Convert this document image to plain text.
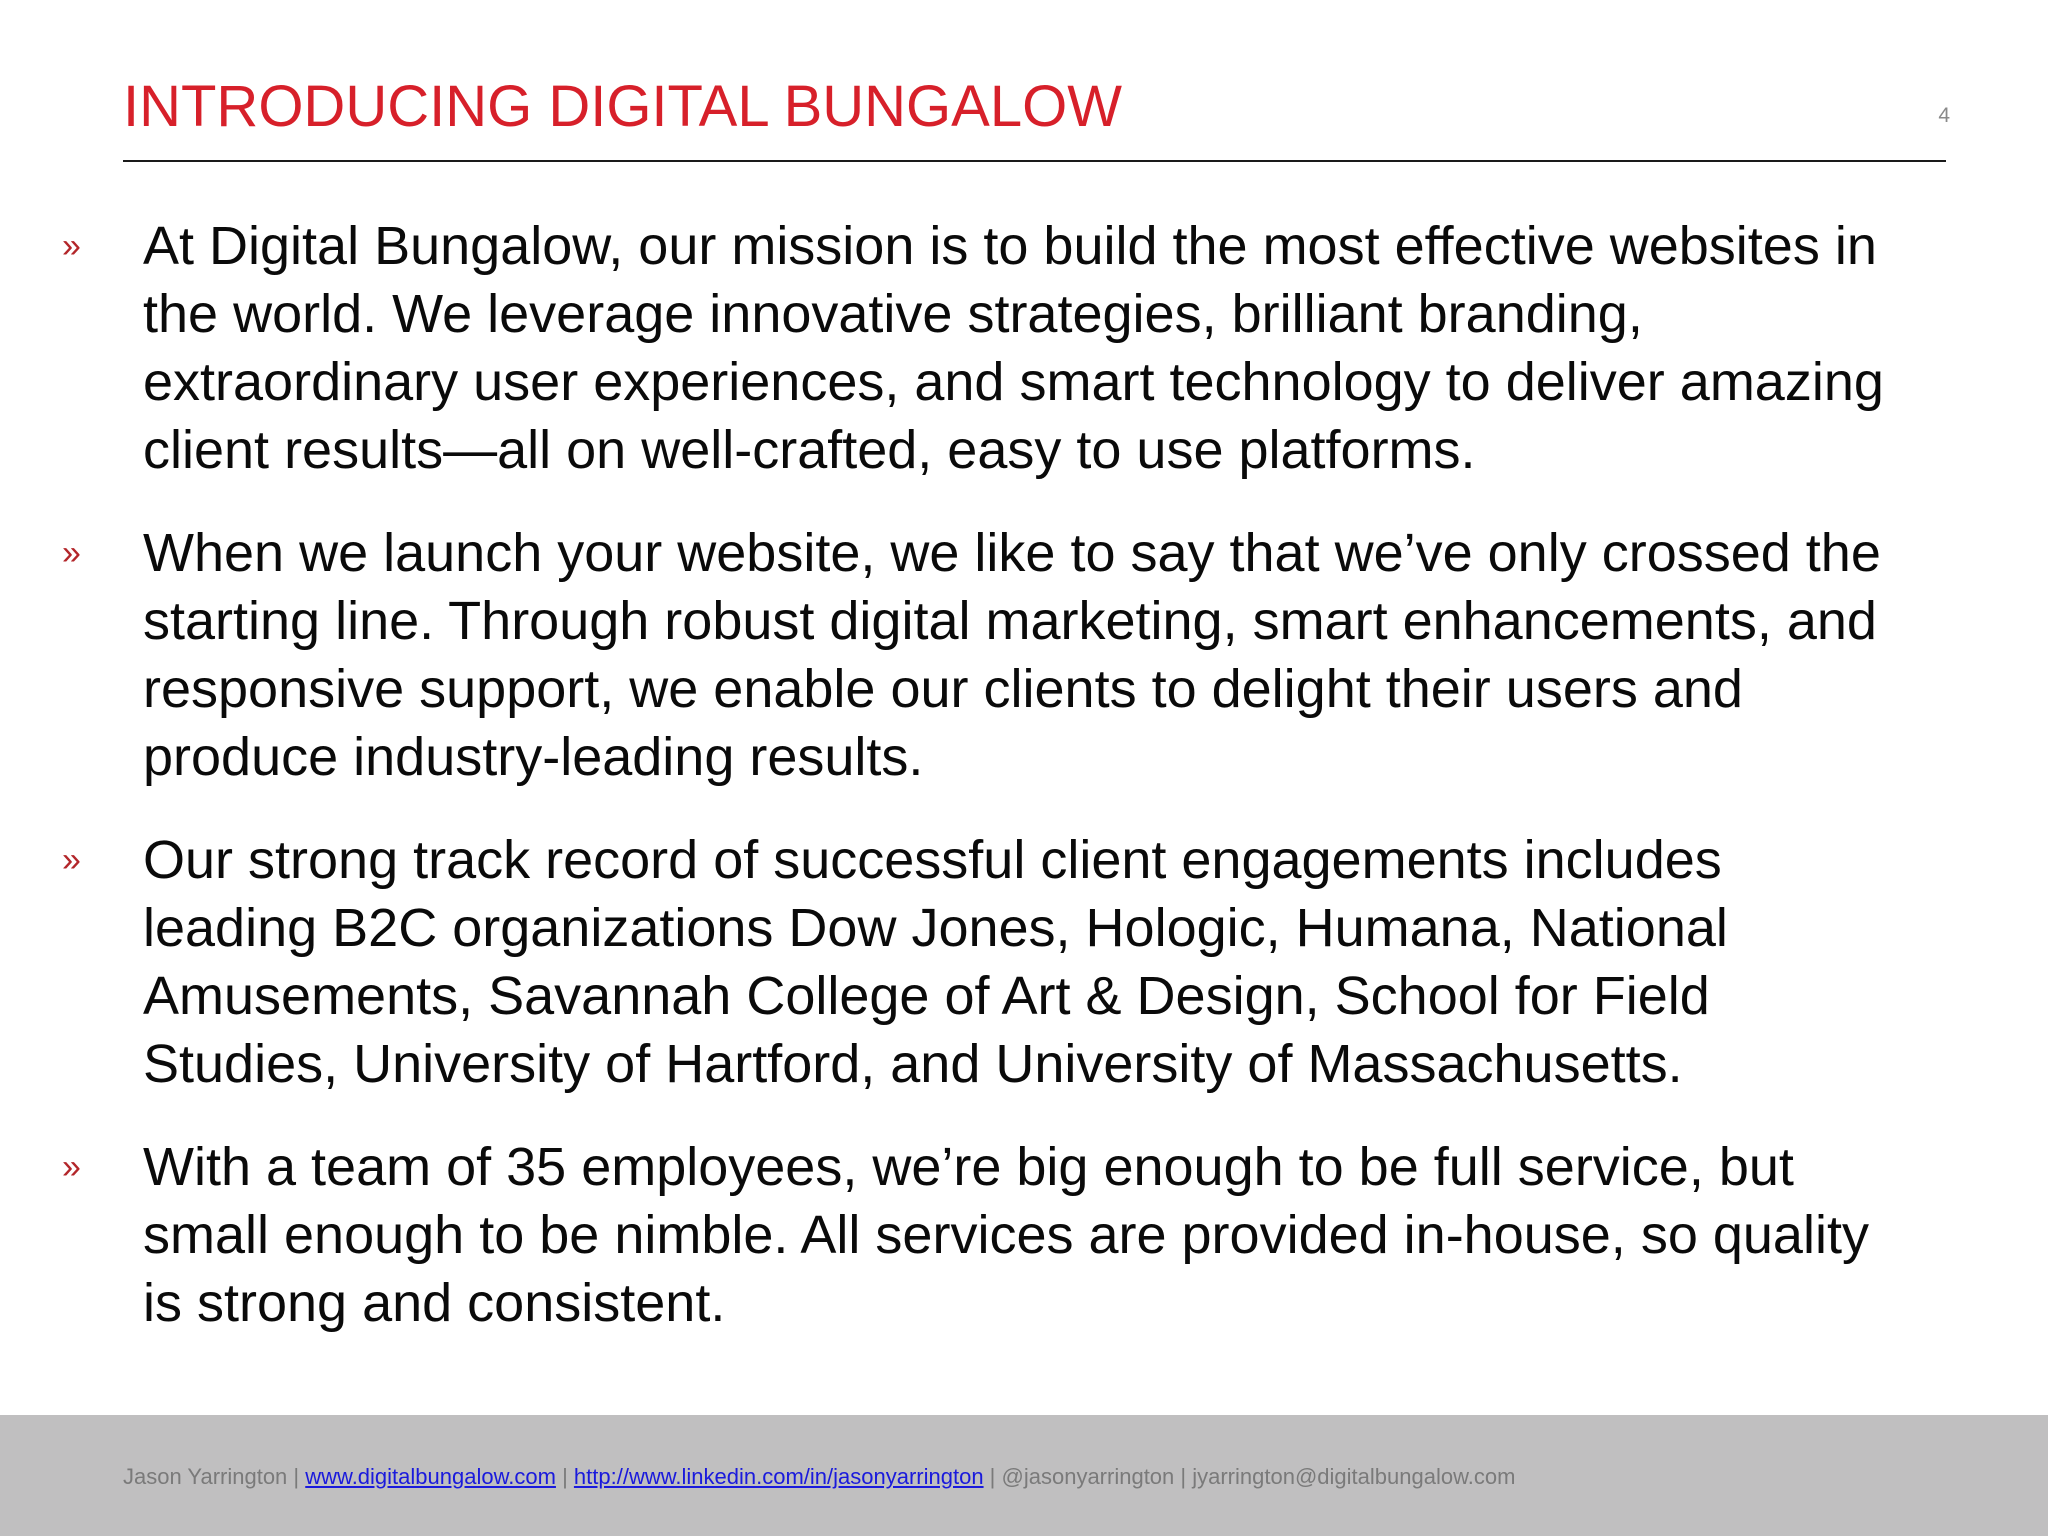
INTRODUCING DIGITAL BUNGALOW	4
» At Digital Bungalow, our mission is to build the most effective websites in
the world. We leverage innovative strategies, brilliant branding,
extraordinary user experiences, and smart technology to deliver amazing
client results—all on well-crafted, easy to use platforms.
» When we launch your website, we like to say that we’ve only crossed the
starting line. Through robust digital marketing, smart enhancements, and
responsive support, we enable our clients to delight their users and
produce industry-leading results.
» Our strong track record of successful client engagements includes
leading B2C organizations Dow Jones, Hologic, Humana, National
Amusements, Savannah College of Art & Design, School for Field
Studies, University of Hartford, and University of Massachusetts.
» With a team of 35 employees, we’re big enough to be full service, but
small enough to be nimble. All services are provided in-house, so quality
is strong and consistent.
Jason Yarrington | www.digitalbungalow.com | http://www.linkedin.com/in/jasonyarrington | @jasonyarrington | jyarrington@digitalbungalow.com
